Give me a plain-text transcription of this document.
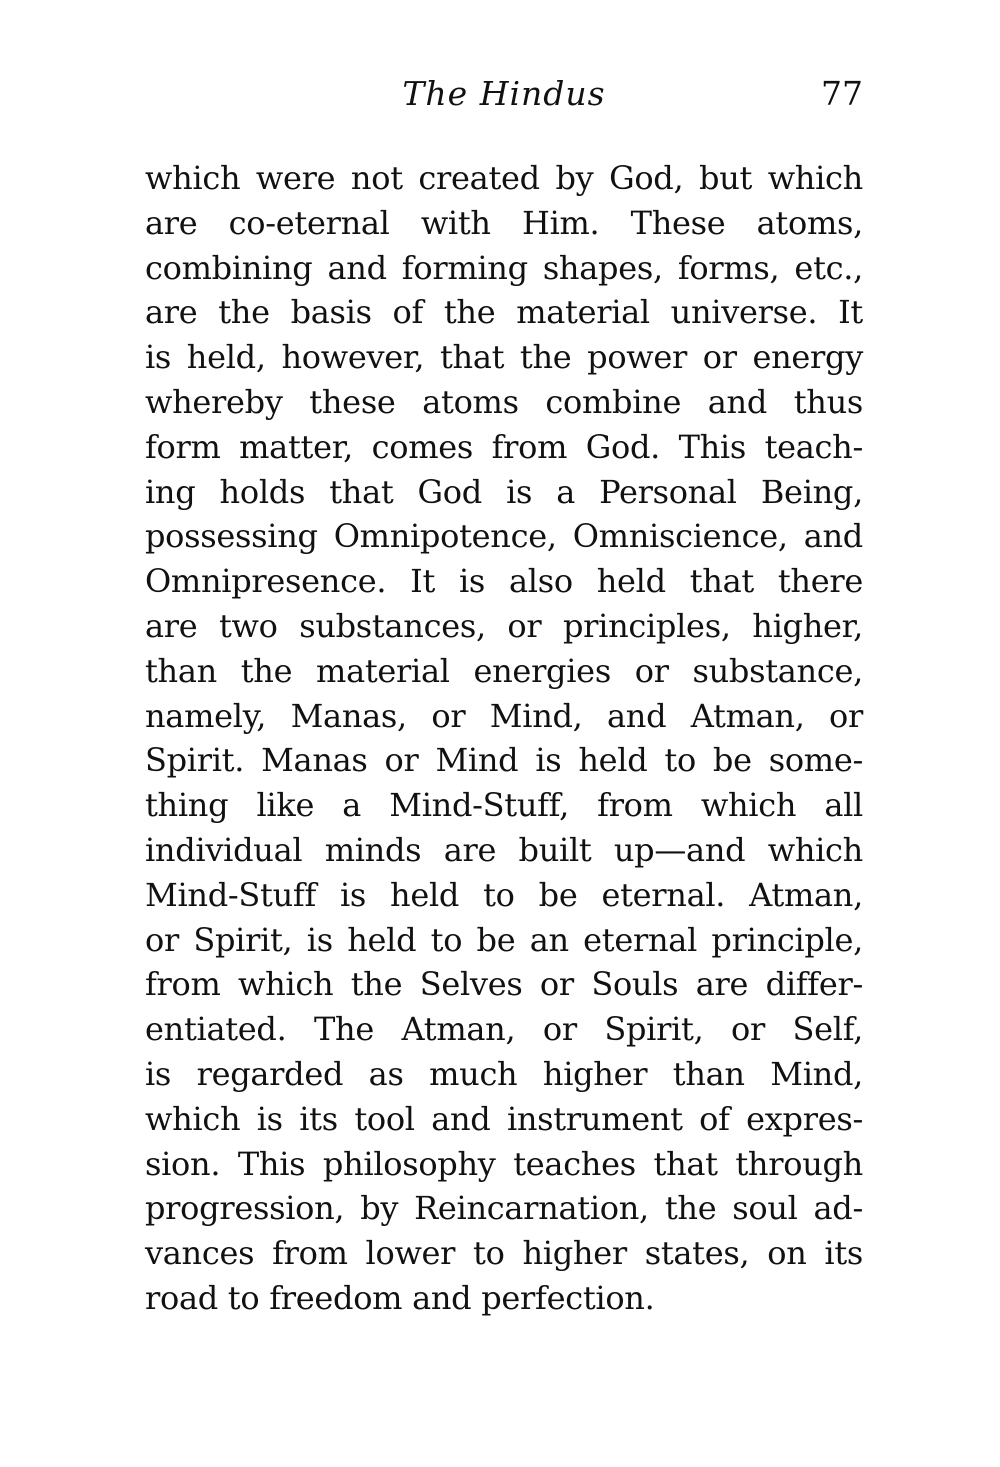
The Hindus	77
which were not created by God, but which
are co-eternal with Him. These atoms,
combining and forming shapes, forms, etc.,
are the basis of the material universe. It
is held, however, that the power or energy
whereby these atoms combine and thus
form matter, comes from God. This teach-
ing holds that God is a Personal Being,
possessing Omnipotence, Omniscience, and
Omnipresence. It is also held that there
are two substances, or principles, higher,
than the material energies or substance,
namely, Manas, or Mind, and Atman, or
Spirit. Manas or Mind is held to be some-
thing like a Mind-Stuff, from which all
individual minds are built up—and which
Mind-Stuff is held to be eternal. Atman,
or Spirit, is held to be an eternal principle,
from which the Selves or Souls are differ-
entiated. The Atman, or Spirit, or Self,
is regarded as much higher than Mind,
which is its tool and instrument of expres-
sion. This philosophy teaches that through
progression, by Reincarnation, the soul ad-
vances from lower to higher states, on its
road to freedom and perfection.
